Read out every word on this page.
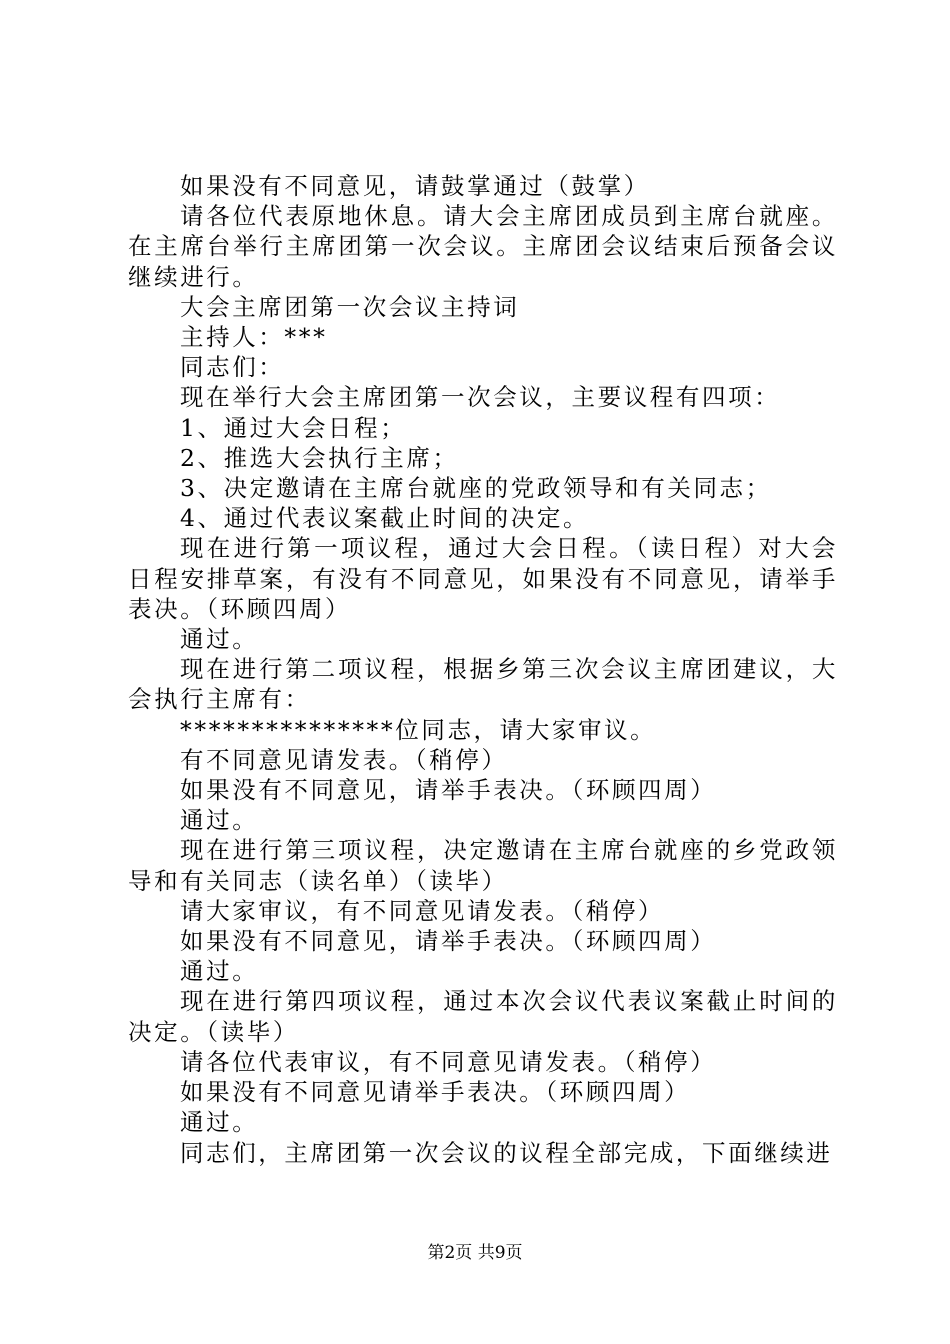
如果没有不同意见，请鼓掌通过（鼓掌）

请各位代表原地休息。请大会主席团成员到主席台就座。在主席台举行主席团第一次会议。主席团会议结束后预备会议继续进行。

大会主席团第一次会议主持词

主持人：***

同志们：

现在举行大会主席团第一次会议，主要议程有四项：

1、通过大会日程；

2、推选大会执行主席；

3、决定邀请在主席台就座的党政领导和有关同志；

4、通过代表议案截止时间的决定。

现在进行第一项议程，通过大会日程。（读日程）对大会日程安排草案，有没有不同意见，如果没有不同意见，请举手表决。（环顾四周）

通过。

现在进行第二项议程，根据乡第三次会议主席团建议，大会执行主席有：

***************位同志，请大家审议。

有不同意见请发表。（稍停）

如果没有不同意见，请举手表决。（环顾四周）

通过。

现在进行第三项议程，决定邀请在主席台就座的乡党政领导和有关同志（读名单）（读毕）

请大家审议，有不同意见请发表。（稍停）

如果没有不同意见，请举手表决。（环顾四周）

通过。

现在进行第四项议程，通过本次会议代表议案截止时间的决定。（读毕）

请各位代表审议，有不同意见请发表。（稍停）

如果没有不同意见请举手表决。（环顾四周）

通过。

同志们，主席团第一次会议的议程全部完成，下面继续进

第2页 共9页
